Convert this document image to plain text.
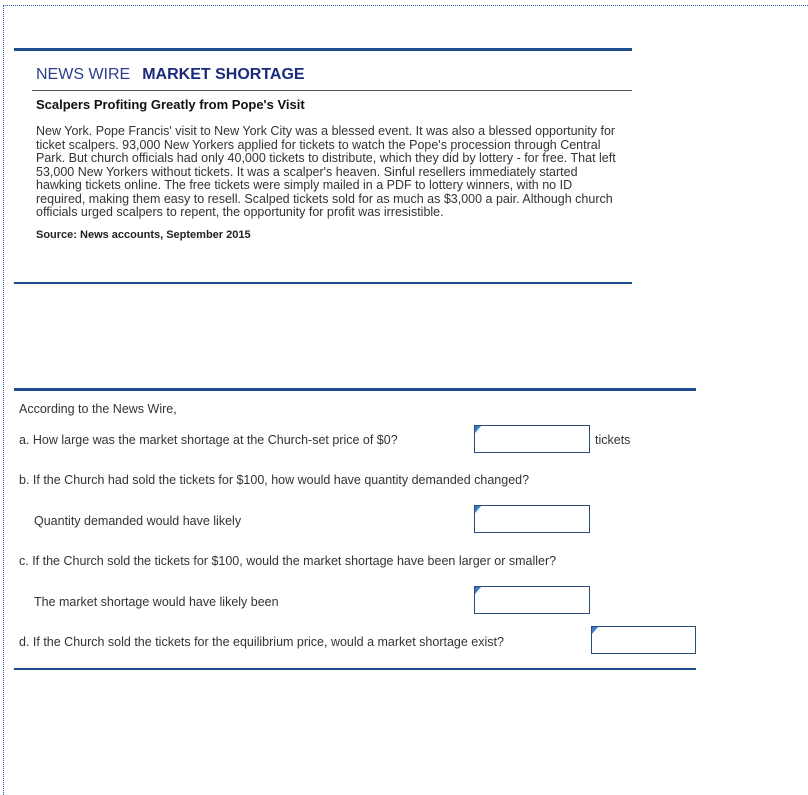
NEWS WIRE MARKET SHORTAGE
Scalpers Profiting Greatly from Pope's Visit
New York. Pope Francis' visit to New York City was a blessed event. It was also a blessed opportunity for ticket scalpers. 93,000 New Yorkers applied for tickets to watch the Pope's procession through Central Park. But church officials had only 40,000 tickets to distribute, which they did by lottery - for free. That left 53,000 New Yorkers without tickets. It was a scalper's heaven. Sinful resellers immediately started hawking tickets online. The free tickets were simply mailed in a PDF to lottery winners, with no ID required, making them easy to resell. Scalped tickets sold for as much as $3,000 a pair. Although church officials urged scalpers to repent, the opportunity for profit was irresistible.
Source: News accounts, September 2015
According to the News Wire,
a. How large was the market shortage at the Church-set price of $0?	tickets
b. If the Church had sold the tickets for $100, how would have quantity demanded changed?
Quantity demanded would have likely
c. If the Church sold the tickets for $100, would the market shortage have been larger or smaller?
The market shortage would have likely been
d. If the Church sold the tickets for the equilibrium price, would a market shortage exist?
